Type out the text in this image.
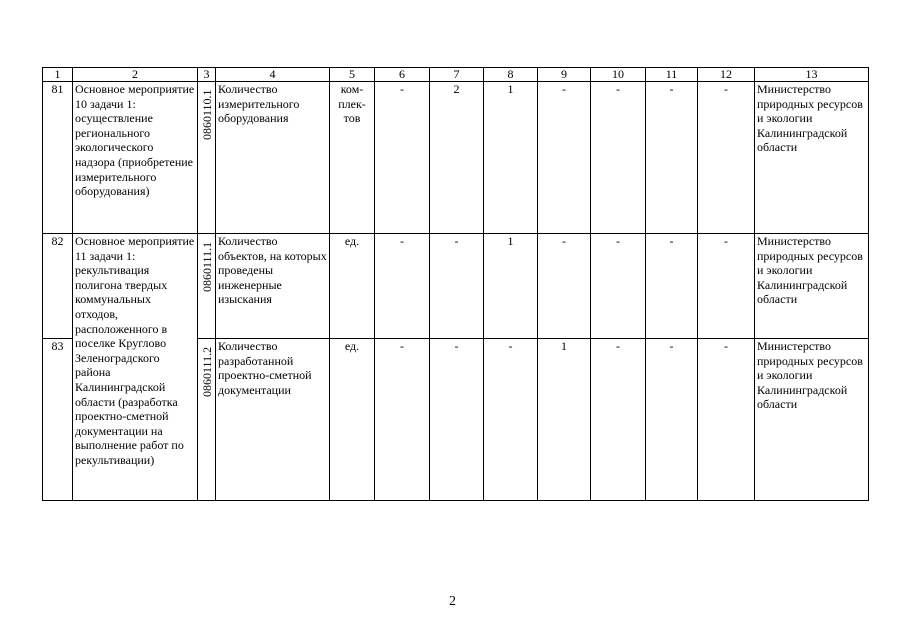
1	2	3	4	5	6	7	8	9	10	11	12	13
81	Основное мероприятие 10 задачи 1: осуществление регионального экологического надзора (приобретение измерительного оборудования)	0860110.1	Количество измерительного оборудования	ком-
плек-
тов	-	2	1	-	-	-	-	Министерство природных ресурсов и экологии Калининградской области
82	Основное мероприятие 11 задачи 1: рекультивация полигона твердых коммунальных отходов, расположенного в поселке Круглово Зеленоградского района Калининградской области (разработка проектно-сметной документации на выполнение работ по рекультивации)	0860111.1	Количество объектов, на которых проведены инженерные изыскания	ед.	-	-	1	-	-	-	-	Министерство природных ресурсов и экологии Калининградской области
83		0860111.2	Количество разработанной проектно-сметной документации	ед.	-	-	-	1	-	-	-	Министерство природных ресурсов и экологии Калининградской области
2
